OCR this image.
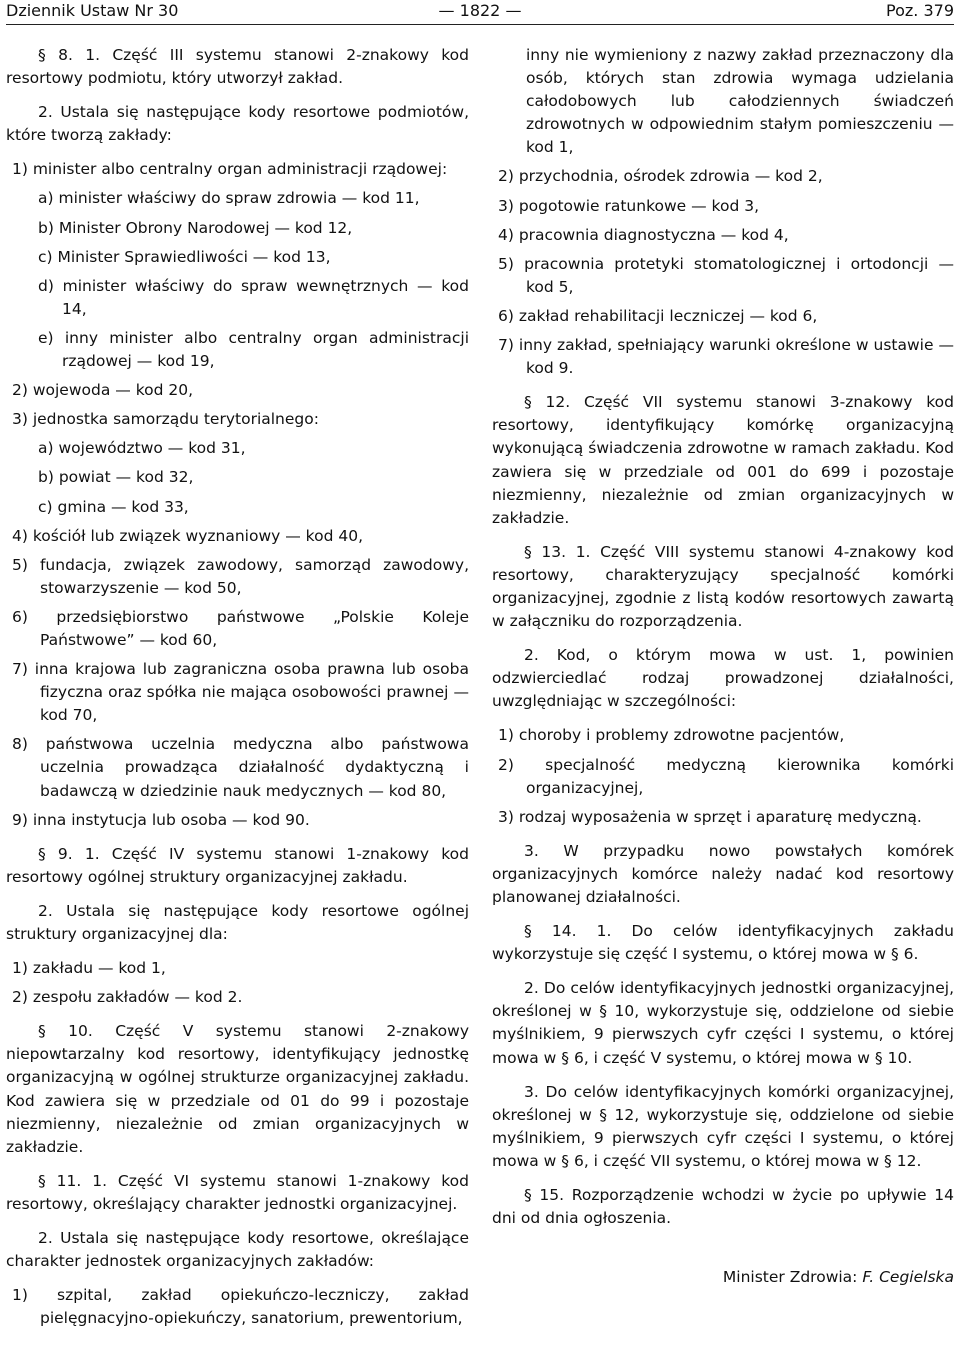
Dziennik Ustaw Nr 30	— 1822 —	Poz. 379
§ 8. 1. Część III systemu stanowi 2-znakowy kod resortowy podmiotu, który utworzył zakład.
2. Ustala się następujące kody resortowe podmiotów, które tworzą zakłady:
1) minister albo centralny organ administracji rządowej:
a) minister właściwy do spraw zdrowia — kod 11,
b) Minister Obrony Narodowej — kod 12,
c) Minister Sprawiedliwości — kod 13,
d) minister właściwy do spraw wewnętrznych — kod 14,
e) inny minister albo centralny organ administracji rządowej — kod 19,
2) wojewoda — kod 20,
3) jednostka samorządu terytorialnego:
a) województwo — kod 31,
b) powiat — kod 32,
c) gmina — kod 33,
4) kościół lub związek wyznaniowy — kod 40,
5) fundacja, związek zawodowy, samorząd zawodowy, stowarzyszenie — kod 50,
6) przedsiębiorstwo państwowe „Polskie Koleje Państwowe” — kod 60,
7) inna krajowa lub zagraniczna osoba prawna lub osoba fizyczna oraz spółka nie mająca osobowości prawnej — kod 70,
8) państwowa uczelnia medyczna albo państwowa uczelnia prowadząca działalność dydaktyczną i badawczą w dziedzinie nauk medycznych — kod 80,
9) inna instytucja lub osoba — kod 90.
§ 9. 1. Część IV systemu stanowi 1-znakowy kod resortowy ogólnej struktury organizacyjnej zakładu.
2. Ustala się następujące kody resortowe ogólnej struktury organizacyjnej dla:
1) zakładu — kod 1,
2) zespołu zakładów — kod 2.
§ 10. Część V systemu stanowi 2-znakowy niepowtarzalny kod resortowy, identyfikujący jednostkę organizacyjną w ogólnej strukturze organizacyjnej zakładu. Kod zawiera się w przedziale od 01 do 99 i pozostaje niezmienny, niezależnie od zmian organizacyjnych w zakładzie.
§ 11. 1. Część VI systemu stanowi 1-znakowy kod resortowy, określający charakter jednostki organizacyjnej.
2. Ustala się następujące kody resortowe, określające charakter jednostek organizacyjnych zakładów:
1) szpital, zakład opiekuńczo-leczniczy, zakład pielęgnacyjno-opiekuńczy, sanatorium, prewentorium,
inny nie wymieniony z nazwy zakład przeznaczony dla osób, których stan zdrowia wymaga udzielania całodobowych lub całodziennych świadczeń zdrowotnych w odpowiednim stałym pomieszczeniu — kod 1,
2) przychodnia, ośrodek zdrowia — kod 2,
3) pogotowie ratunkowe — kod 3,
4) pracownia diagnostyczna — kod 4,
5) pracownia protetyki stomatologicznej i ortodoncji — kod 5,
6) zakład rehabilitacji leczniczej — kod 6,
7) inny zakład, spełniający warunki określone w ustawie — kod 9.
§ 12. Część VII systemu stanowi 3-znakowy kod resortowy, identyfikujący komórkę organizacyjną wykonującą świadczenia zdrowotne w ramach zakładu. Kod zawiera się w przedziale od 001 do 699 i pozostaje niezmienny, niezależnie od zmian organizacyjnych w zakładzie.
§ 13. 1. Część VIII systemu stanowi 4-znakowy kod resortowy, charakteryzujący specjalność komórki organizacyjnej, zgodnie z listą kodów resortowych zawartą w załączniku do rozporządzenia.
2. Kod, o którym mowa w ust. 1, powinien odzwierciedlać rodzaj prowadzonej działalności, uwzględniając w szczególności:
1) choroby i problemy zdrowotne pacjentów,
2) specjalność medyczną kierownika komórki organizacyjnej,
3) rodzaj wyposażenia w sprzęt i aparaturę medyczną.
3. W przypadku nowo powstałych komórek organizacyjnych komórce należy nadać kod resortowy planowanej działalności.
§ 14. 1. Do celów identyfikacyjnych zakładu wykorzystuje się część I systemu, o której mowa w § 6.
2. Do celów identyfikacyjnych jednostki organizacyjnej, określonej w § 10, wykorzystuje się, oddzielone od siebie myślnikiem, 9 pierwszych cyfr części I systemu, o której mowa w § 6, i część V systemu, o której mowa w § 10.
3. Do celów identyfikacyjnych komórki organizacyjnej, określonej w § 12, wykorzystuje się, oddzielone od siebie myślnikiem, 9 pierwszych cyfr części I systemu, o której mowa w § 6, i część VII systemu, o której mowa w § 12.
§ 15. Rozporządzenie wchodzi w życie po upływie 14 dni od dnia ogłoszenia.
Minister Zdrowia: F. Cegielska
